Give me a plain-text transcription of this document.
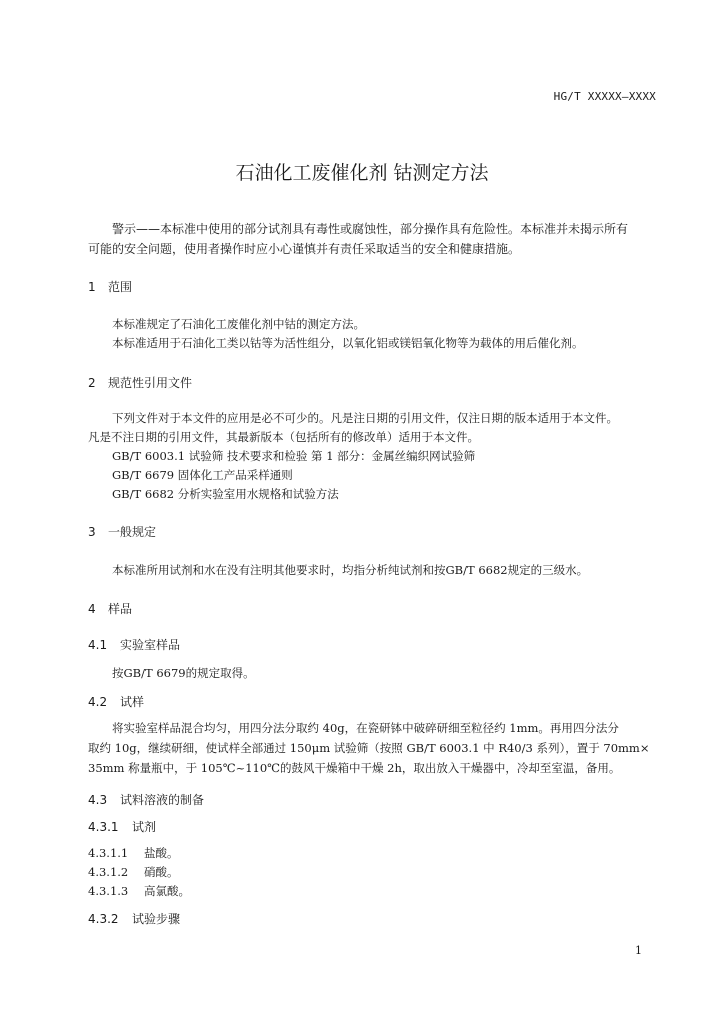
HG/T XXXXX—XXXX
石油化工废催化剂 钴测定方法
警示——本标准中使用的部分试剂具有毒性或腐蚀性，部分操作具有危险性。本标准并未揭示所有
可能的安全问题，使用者操作时应小心谨慎并有责任采取适当的安全和健康措施。
1 范围
本标准规定了石油化工废催化剂中钴的测定方法。
本标准适用于石油化工类以钴等为活性组分，以氧化铝或镁铝氧化物等为载体的用后催化剂。
2 规范性引用文件
下列文件对于本文件的应用是必不可少的。凡是注日期的引用文件，仅注日期的版本适用于本文件。
凡是不注日期的引用文件，其最新版本（包括所有的修改单）适用于本文件。
GB/T 6003.1 试验筛 技术要求和检验 第 1 部分：金属丝编织网试验筛
GB/T 6679 固体化工产品采样通则
GB/T 6682 分析实验室用水规格和试验方法
3 一般规定
本标准所用试剂和水在没有注明其他要求时，均指分析纯试剂和按GB/T 6682规定的三级水。
4 样品
4.1 实验室样品
按GB/T 6679的规定取得。
4.2 试样
将实验室样品混合均匀，用四分法分取约 40g，在瓷研钵中破碎研细至粒径约 1mm。再用四分法分
取约 10g，继续研细，使试样全部通过 150μm 试验筛（按照 GB/T 6003.1 中 R40/3 系列），置于 70mm×
35mm 称量瓶中，于 105℃~110℃的鼓风干燥箱中干燥 2h，取出放入干燥器中，冷却至室温，备用。
4.3 试料溶液的制备
4.3.1 试剂
4.3.1.1 盐酸。
4.3.1.2 硝酸。
4.3.1.3 高氯酸。
4.3.2 试验步骤
1
